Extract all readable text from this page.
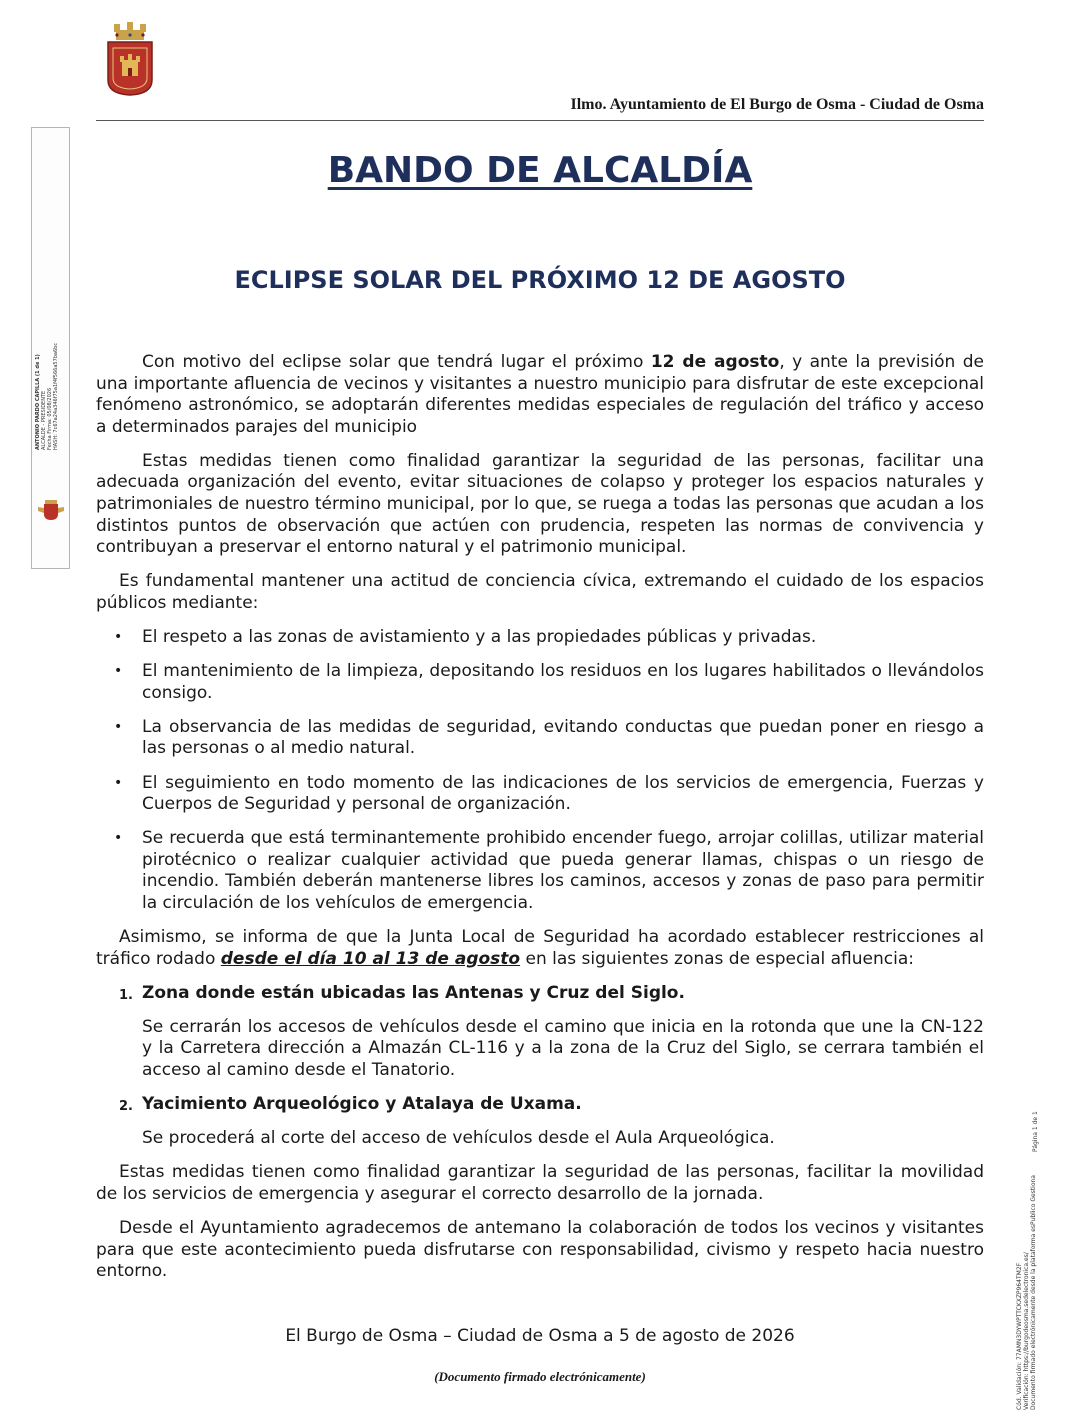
Ilmo. Ayuntamiento de El Burgo de Osma - Ciudad de Osma
BANDO DE ALCALDÍA
ECLIPSE SOLAR DEL PRÓXIMO 12 DE AGOSTO
ANTONIO PARDO CAPILLA (1 de 1) ALCALDE - PRESIDENTE Fecha Firma: 05/08/2026 HASH: 7c67a24a346f75a1f4f566a57ba6bc
Cód. Validación: 77AMN3DYWPTTCKXZP964TM2F Verificación: https://burgodeosma.sedelectronica.es/ Documento firmado electrónicamente desde la plataforma esPublico Gestiona
Página 1 de 1

Con motivo del eclipse solar que tendrá lugar el próximo 12 de agosto, y ante la previsión de una importante afluencia de vecinos y visitantes a nuestro municipio para disfrutar de este excepcional fenómeno astronómico, se adoptarán diferentes medidas especiales de regulación del tráfico y acceso a determinados parajes del municipio

Estas medidas tienen como finalidad garantizar la seguridad de las personas, facilitar una adecuada organización del evento, evitar situaciones de colapso y proteger los espacios naturales y patrimoniales de nuestro término municipal, por lo que, se ruega a todas las personas que acudan a los distintos puntos de observación que actúen con prudencia, respeten las normas de convivencia y contribuyan a preservar el entorno natural y el patrimonio municipal.

Es fundamental mantener una actitud de conciencia cívica, extremando el cuidado de los espacios públicos mediante:

• El respeto a las zonas de avistamiento y a las propiedades públicas y privadas.
• El mantenimiento de la limpieza, depositando los residuos en los lugares habilitados o llevándolos consigo.
• La observancia de las medidas de seguridad, evitando conductas que puedan poner en riesgo a las personas o al medio natural.
• El seguimiento en todo momento de las indicaciones de los servicios de emergencia, Fuerzas y Cuerpos de Seguridad y personal de organización.
• Se recuerda que está terminantemente prohibido encender fuego, arrojar colillas, utilizar material pirotécnico o realizar cualquier actividad que pueda generar llamas, chispas o un riesgo de incendio. También deberán mantenerse libres los caminos, accesos y zonas de paso para permitir la circulación de los vehículos de emergencia.

Asimismo, se informa de que la Junta Local de Seguridad ha acordado establecer restricciones al tráfico rodado desde el día 10 al 13 de agosto en las siguientes zonas de especial afluencia:

1. Zona donde están ubicadas las Antenas y Cruz del Siglo.

Se cerrarán los accesos de vehículos desde el camino que inicia en la rotonda que une la CN-122 y la Carretera dirección a Almazán CL-116 y a la zona de la Cruz del Siglo, se cerrara también el acceso al camino desde el Tanatorio.

2. Yacimiento Arqueológico y Atalaya de Uxama.

Se procederá al corte del acceso de vehículos desde el Aula Arqueológica.

Estas medidas tienen como finalidad garantizar la seguridad de las personas, facilitar la movilidad de los servicios de emergencia y asegurar el correcto desarrollo de la jornada.

Desde el Ayuntamiento agradecemos de antemano la colaboración de todos los vecinos y visitantes para que este acontecimiento pueda disfrutarse con responsabilidad, civismo y respeto hacia nuestro entorno.

El Burgo de Osma – Ciudad de Osma a 5 de agosto de 2026
(Documento firmado electrónicamente)
